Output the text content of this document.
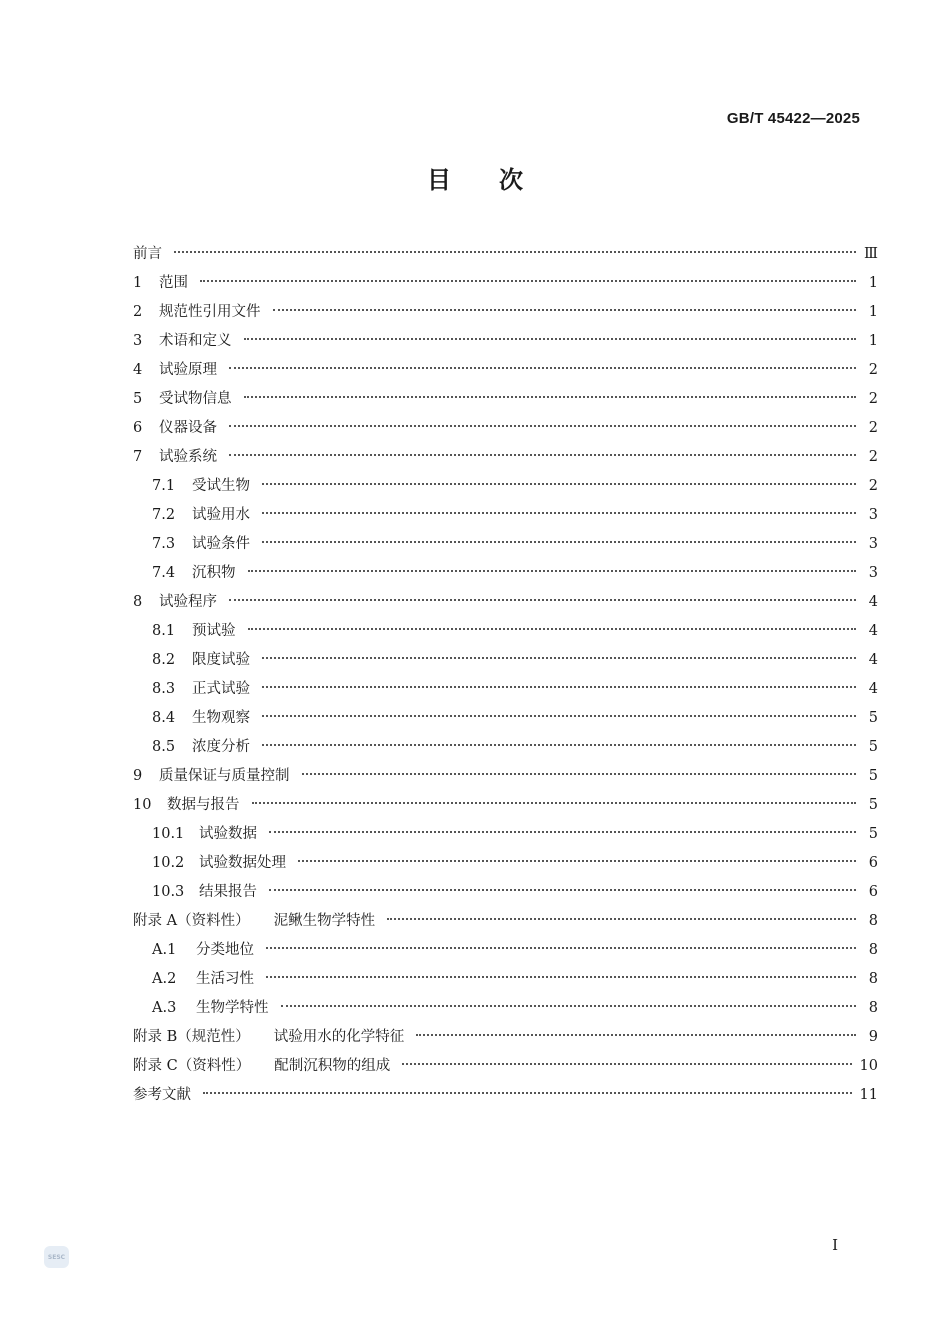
GB/T 45422—2025
目 次
前言	Ⅲ
1 范围	1
2 规范性引用文件	1
3 术语和定义	1
4 试验原理	2
5 受试物信息	2
6 仪器设备	2
7 试验系统	2
7.1 受试生物	2
7.2 试验用水	3
7.3 试验条件	3
7.4 沉积物	3
8 试验程序	4
8.1 预试验	4
8.2 限度试验	4
8.3 正式试验	4
8.4 生物观察	5
8.5 浓度分析	5
9 质量保证与质量控制	5
10 数据与报告	5
10.1 试验数据	5
10.2 试验数据处理	6
10.3 结果报告	6
附录 A（资料性） 泥鳅生物学特性	8
A.1 分类地位	8
A.2 生活习性	8
A.3 生物学特性	8
附录 B（规范性） 试验用水的化学特征	9
附录 C（资料性） 配制沉积物的组成	10
参考文献	11
I
SESC
